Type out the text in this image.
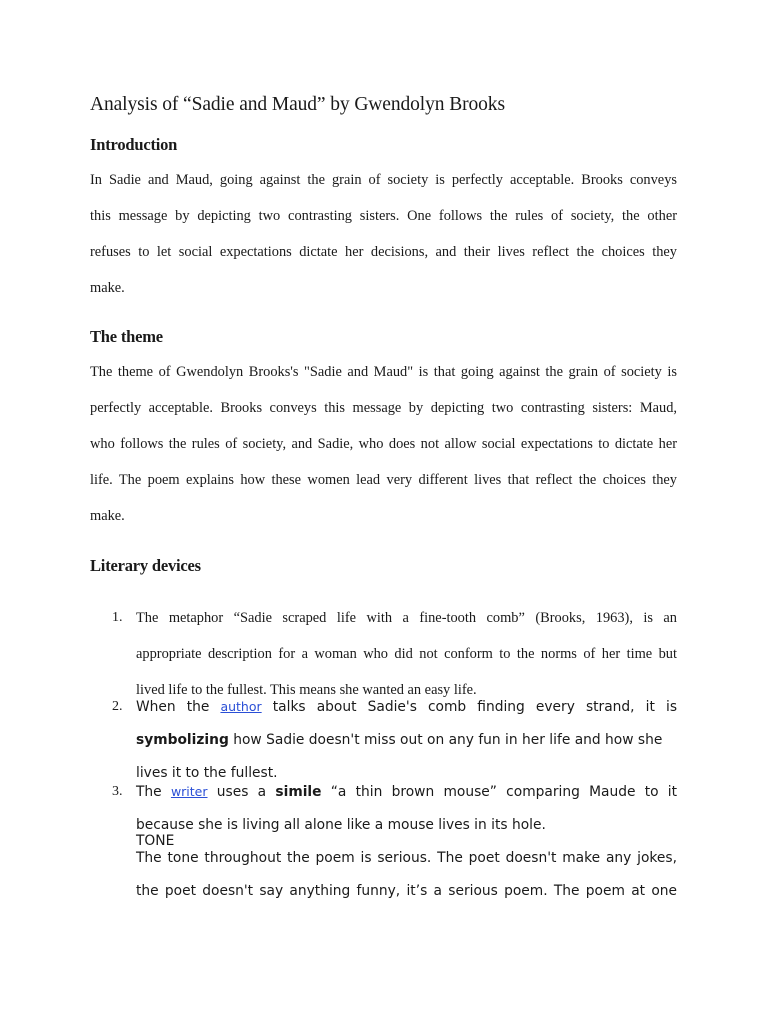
Analysis of “Sadie and Maud” by Gwendolyn Brooks
Introduction

In Sadie and Maud, going against the grain of society is perfectly acceptable. Brooks conveys
this message by depicting two contrasting sisters. One follows the rules of society, the other
refuses to let social expectations dictate her decisions, and their lives reflect the choices they
make.

The theme

The theme of Gwendolyn Brooks's "Sadie and Maud" is that going against the grain of society is
perfectly acceptable. Brooks conveys this message by depicting two contrasting sisters: Maud,
who follows the rules of society, and Sadie, who does not allow social expectations to dictate her
life. The poem explains how these women lead very different lives that reflect the choices they
make.

Literary devices
1. The metaphor “Sadie scraped life with a fine-tooth comb” (Brooks, 1963), is an
appropriate description for a woman who did not conform to the norms of her time but
lived life to the fullest. This means she wanted an easy life.

2. When the author talks about Sadie's comb finding every strand, it is
symbolizing how Sadie doesn't miss out on any fun in her life and how she
lives it to the fullest.

3. The writer uses a simile “a thin brown mouse” comparing Maude to it
because she is living all alone like a mouse lives in its hole.

TONE

The tone throughout the poem is serious. The poet doesn't make any jokes,
the poet doesn't say anything funny, it’s a serious poem. The poem at one
